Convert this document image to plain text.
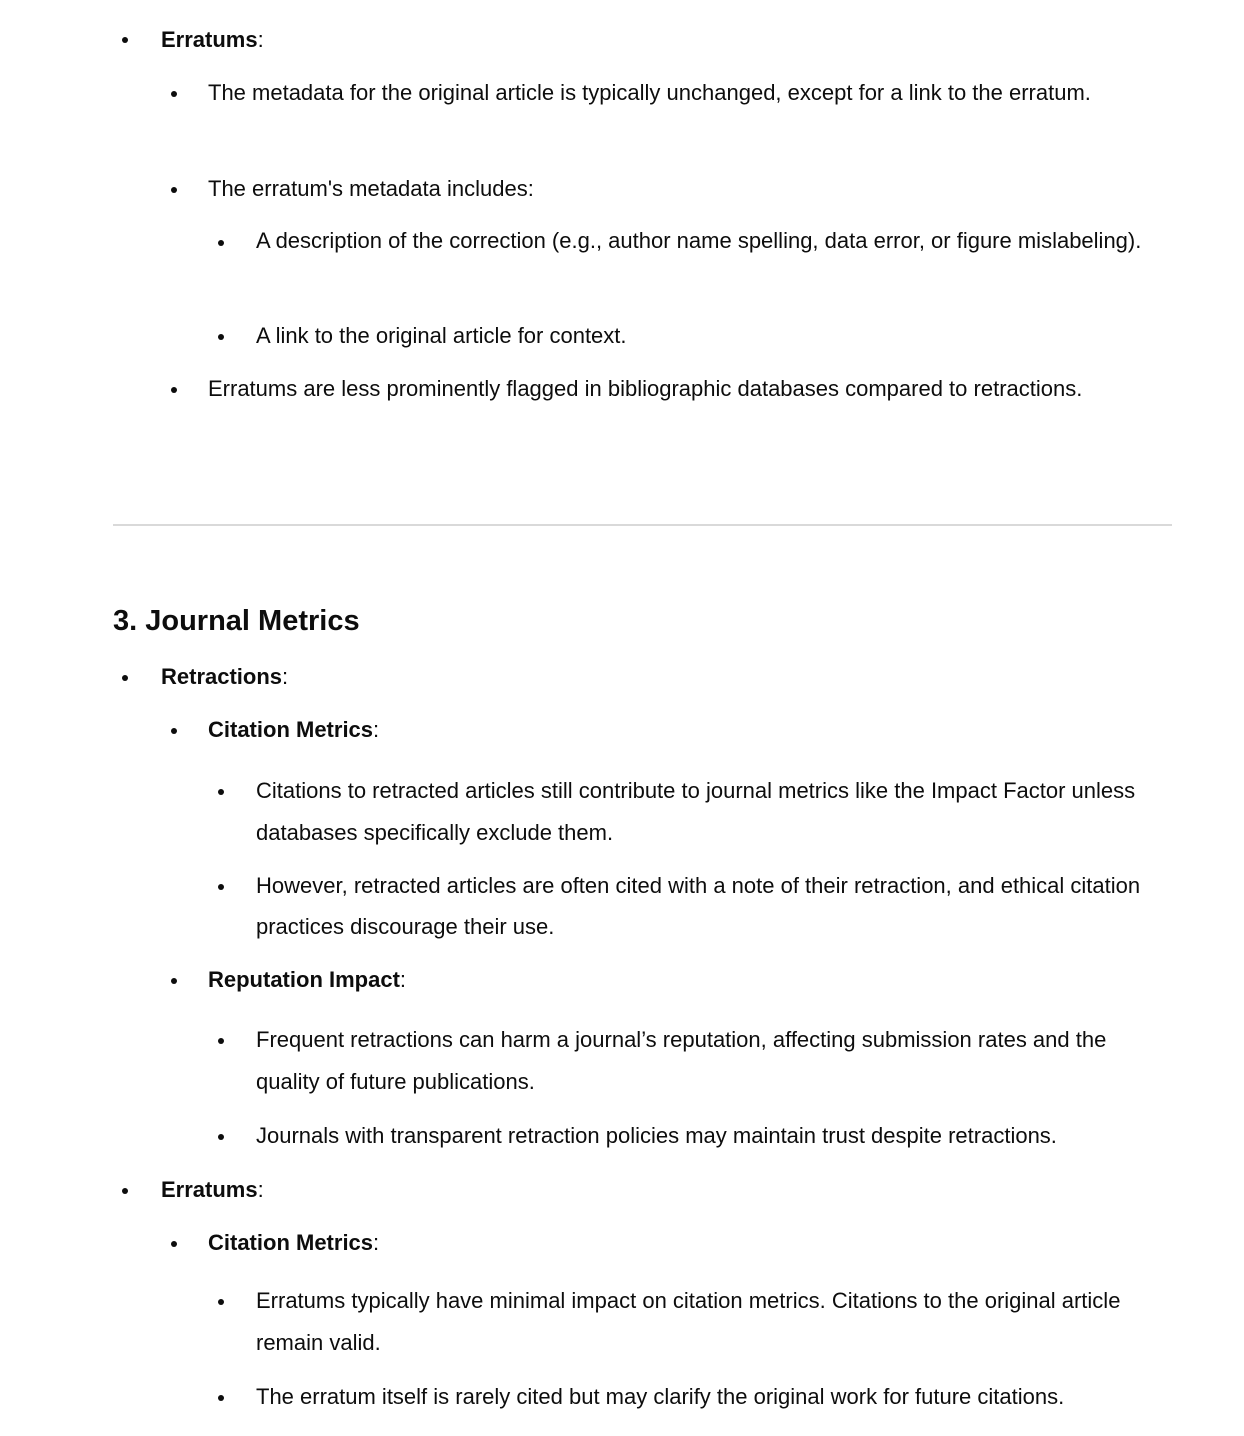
Erratums:

The metadata for the original article is typically unchanged, except for a link to the erratum.

The erratum's metadata includes:

A description of the correction (e.g., author name spelling, data error, or figure mislabeling).

A link to the original article for context.

Erratums are less prominently flagged in bibliographic databases compared to retractions.

3. Journal Metrics

Retractions:

Citation Metrics:

Citations to retracted articles still contribute to journal metrics like the Impact Factor unless databases specifically exclude them.

However, retracted articles are often cited with a note of their retraction, and ethical citation practices discourage their use.

Reputation Impact:

Frequent retractions can harm a journal’s reputation, affecting submission rates and the quality of future publications.

Journals with transparent retraction policies may maintain trust despite retractions.

Erratums:

Citation Metrics:

Erratums typically have minimal impact on citation metrics. Citations to the original article remain valid.

The erratum itself is rarely cited but may clarify the original work for future citations.
